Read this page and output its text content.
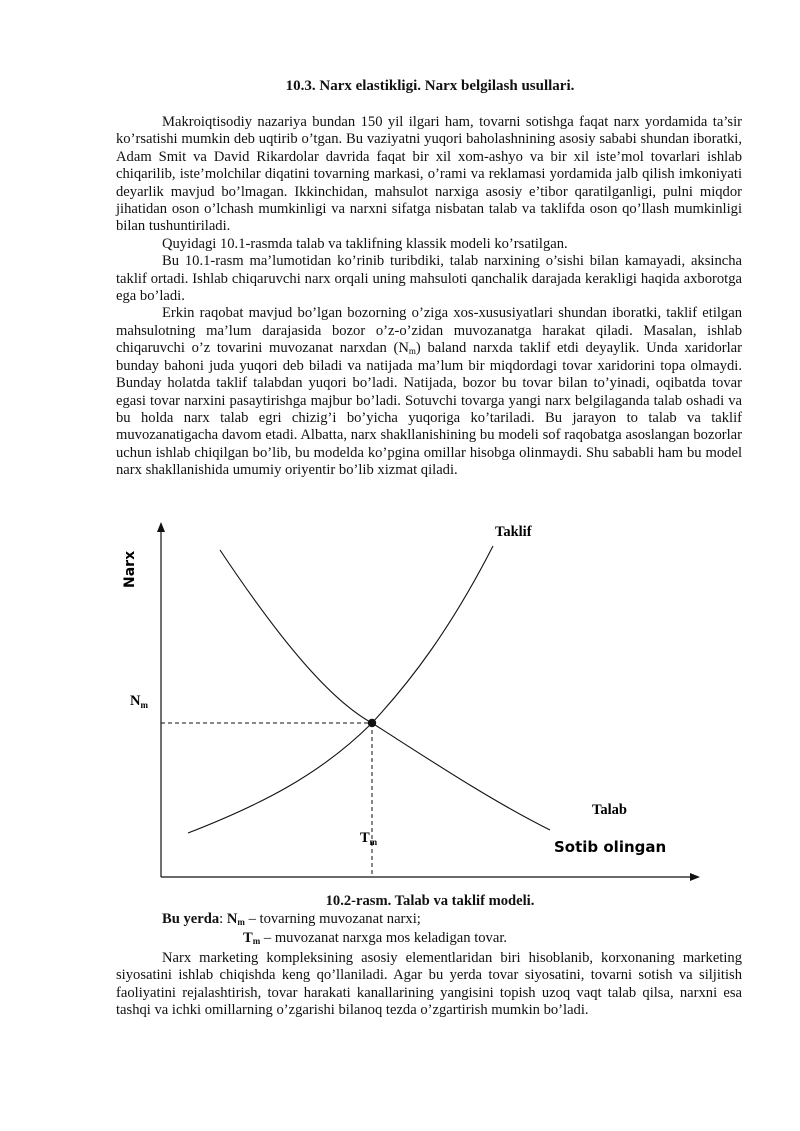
10.3. Narx elastikligi. Narx belgilash usullari.

Makroiqtisodiy nazariya bundan 150 yil ilgari ham, tovarni sotishga faqat narx yordamida ta’sir ko’rsatishi mumkin deb uqtirib o’tgan. Bu vaziyatni yuqori baholashnining asosiy sababi shundan iboratki, Adam Smit va David Rikardolar davrida faqat bir xil xom-ashyo va bir xil iste’mol tovarlari ishlab chiqarilib, iste’molchilar diqatini tovarning markasi, o’rami va reklamasi yordamida jalb qilish imkoniyati deyarlik mavjud bo’lmagan. Ikkinchidan, mahsulot narxiga asosiy e’tibor qaratilganligi, pulni miqdor jihatidan oson o’lchash mumkinligi va narxni sifatga nisbatan talab va taklifda oson qo’llash mumkinligi bilan tushuntiriladi.

Quyidagi 10.1-rasmda talab va taklifning klassik modeli ko’rsatilgan.

Bu 10.1-rasm ma’lumotidan ko’rinib turibdiki, talab narxining o’sishi bilan kamayadi, aksincha taklif ortadi. Ishlab chiqaruvchi narx orqali uning mahsuloti qanchalik darajada kerakligi haqida axborotga ega bo’ladi.

Erkin raqobat mavjud bo’lgan bozorning o’ziga xos-xususiyatlari shundan iboratki, taklif etilgan mahsulotning ma’lum darajasida bozor o’z-o’zidan muvozanatga harakat qiladi. Masalan, ishlab chiqaruvchi o’z tovarini muvozanat narxdan $(N_m)$ baland narxda taklif etdi deyaylik. Unda xaridorlar bunday bahoni juda yuqori deb biladi va natijada ma’lum bir miqdordagi tovar xaridorini topa olmaydi. Bunday holatda taklif talabdan yuqori bo’ladi. Natijada, bozor bu tovar bilan to’yinadi, oqibatda tovar egasi tovar narxini pasaytirishga majbur bo’ladi. Sotuvchi tovarga yangi narx belgilaganda talab oshadi va bu holda narx talab egri chizig’i bo’yicha yuqoriga ko’tariladi. Bu jarayon to talab va taklif muvozanatigacha davom etadi. Albatta, narx shakllanishining bu modeli sof raqobatga asoslangan bozorlar uchun ishlab chiqilgan bo’lib, bu modelda ko’pgina omillar hisobga olinmaydi. Shu sababli ham bu model narx shakllanishida umumiy oriyentir bo’lib xizmat qiladi.

Narx
Taklif
Talab
Sotib olingan
$N_m$
$T_m$
10.2-rasm. Talab va taklif modeli.
Bu yerda: $N_m$ – tovarning muvozanat narxi;
$T_m$ – muvozanat narxga mos keladigan tovar.

Narx marketing kompleksining asosiy elementlaridan biri hisoblanib, korxonaning marketing siyosatini ishlab chiqishda keng qo’llaniladi. Agar bu yerda tovar siyosatini, tovarni sotish va siljitish faoliyatini rejalashtirish, tovar harakati kanallarining yangisini topish uzoq vaqt talab qilsa, narxni esa tashqi va ichki omillarning o’zgarishi bilanoq tezda o’zgartirish mumkin bo’ladi.
